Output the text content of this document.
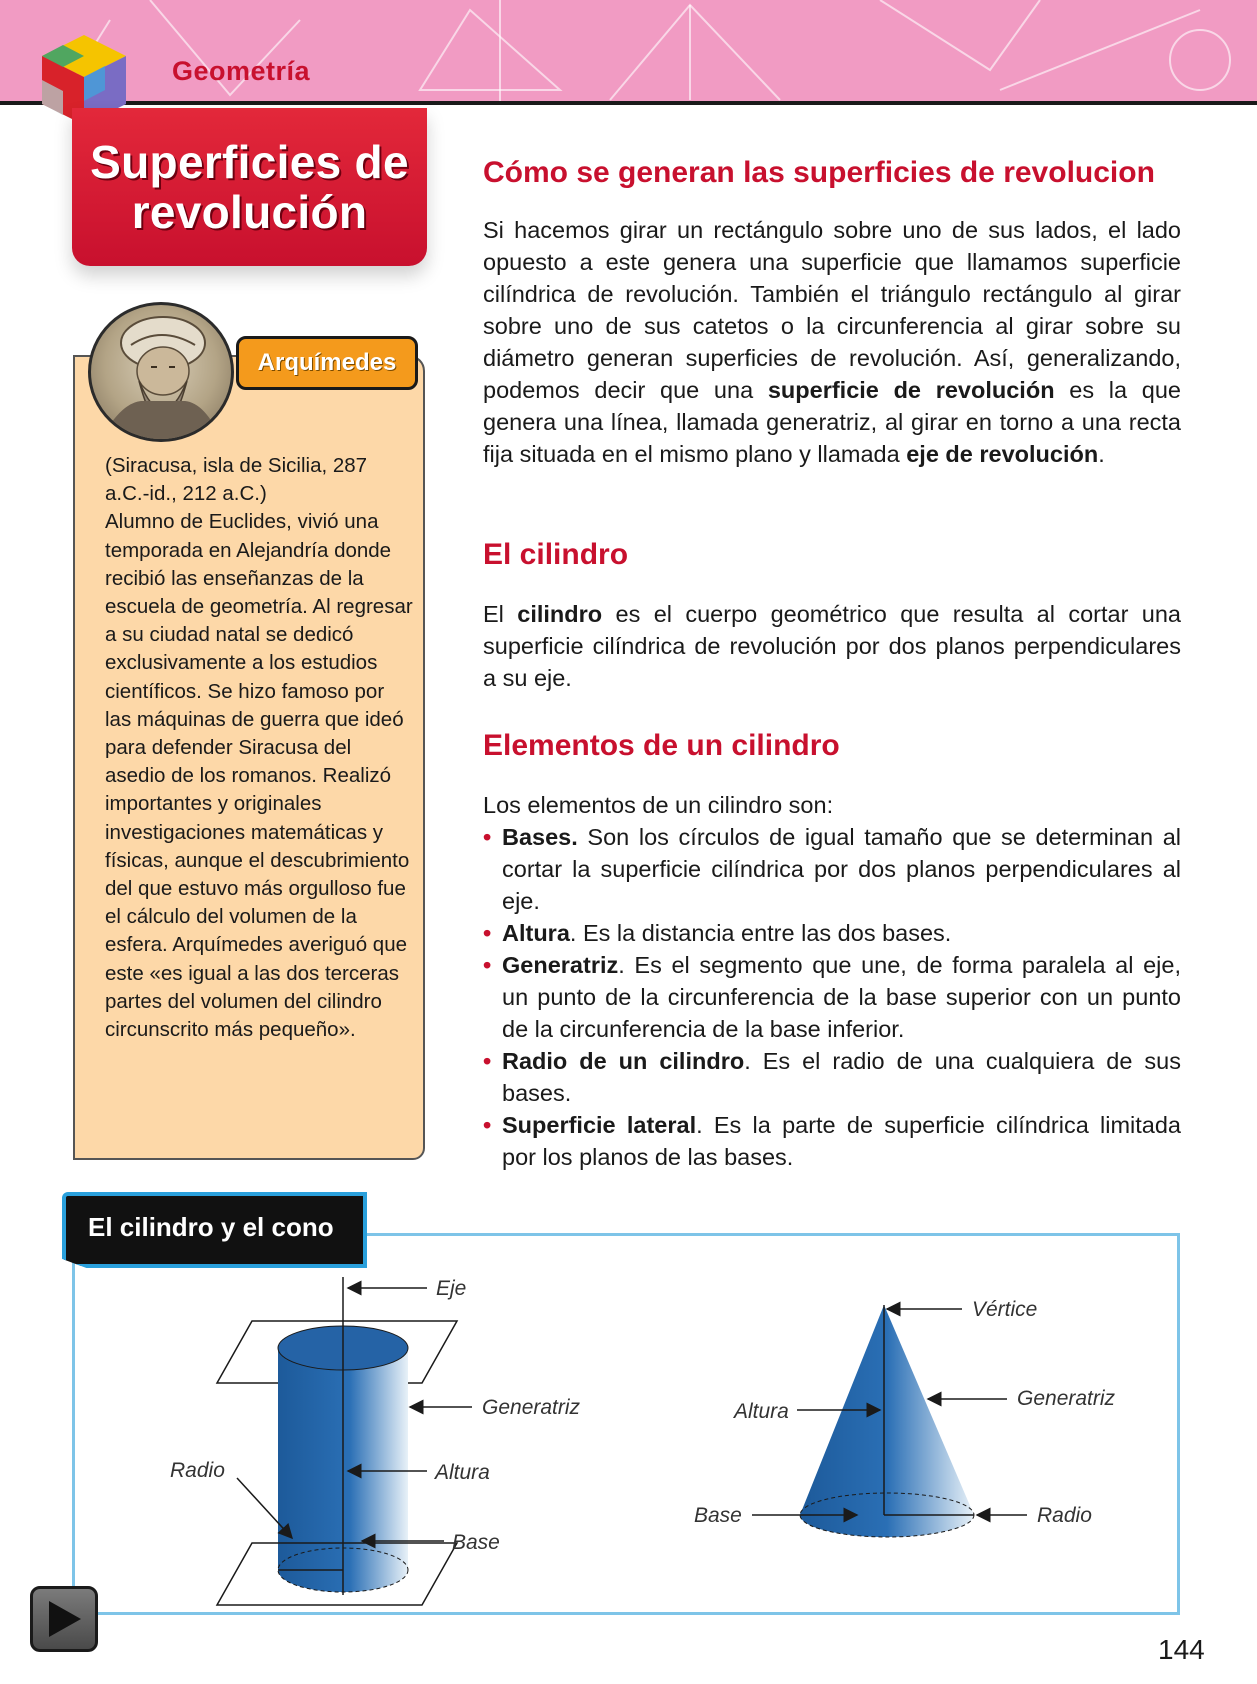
Geometría
Superficies de
revolución
Arquímedes

(Siracusa, isla de Sicilia, 287 a.C.-id., 212 a.C.)

Alumno de Euclides, vivió una temporada en Alejandría donde recibió las enseñanzas de la escuela de geometría. Al regresar a su ciudad natal se dedicó exclusivamente a los estudios científicos. Se hizo famoso por las máquinas de guerra que ideó para defender Siracusa del asedio de los romanos. Realizó importantes y originales investigaciones matemáticas y físicas, aunque el descubrimiento del que estuvo más orgulloso fue el cálculo del volumen de la esfera. Arquímedes averiguó que este «es igual a las dos terceras partes del volumen del cilindro circunscrito más pequeño».

Cómo se generan las superficies de revolucion

Si hacemos girar un rectángulo sobre uno de sus lados, el lado opuesto a este genera una superficie que llamamos superficie cilíndrica de revolución. También el triángulo rectángulo al girar sobre uno de sus catetos o la circunferencia al girar sobre su diámetro generan superficies de revolución. Así, generalizando, podemos decir que una superficie de revolución es la que genera una línea, llamada generatriz, al girar en torno a una recta fija situada en el mismo plano y llamada eje de revolución.

El cilindro

El cilindro es el cuerpo geométrico que resulta al cortar una superficie cilíndrica de revolución por dos planos perpendiculares a su eje.

Elementos de un cilindro

Los elementos de un cilindro son:

• Bases. Son los círculos de igual tamaño que se determinan al cortar la superficie cilíndrica por dos planos perpendiculares al eje.
• Altura. Es la distancia entre las dos bases.
• Generatriz. Es el segmento que une, de forma paralela al eje, un punto de la circunferencia de la base superior con un punto de la circunferencia de la base inferior.
• Radio de un cilindro. Es el radio de una cualquiera de sus bases.
• Superficie lateral. Es la parte de superficie cilíndrica limitada por los planos de las bases.
Eje
Generatriz
Radio	Altura
Base
Vértice
Altura
Generatriz
Base	Radio
El cilindro y el cono
144
